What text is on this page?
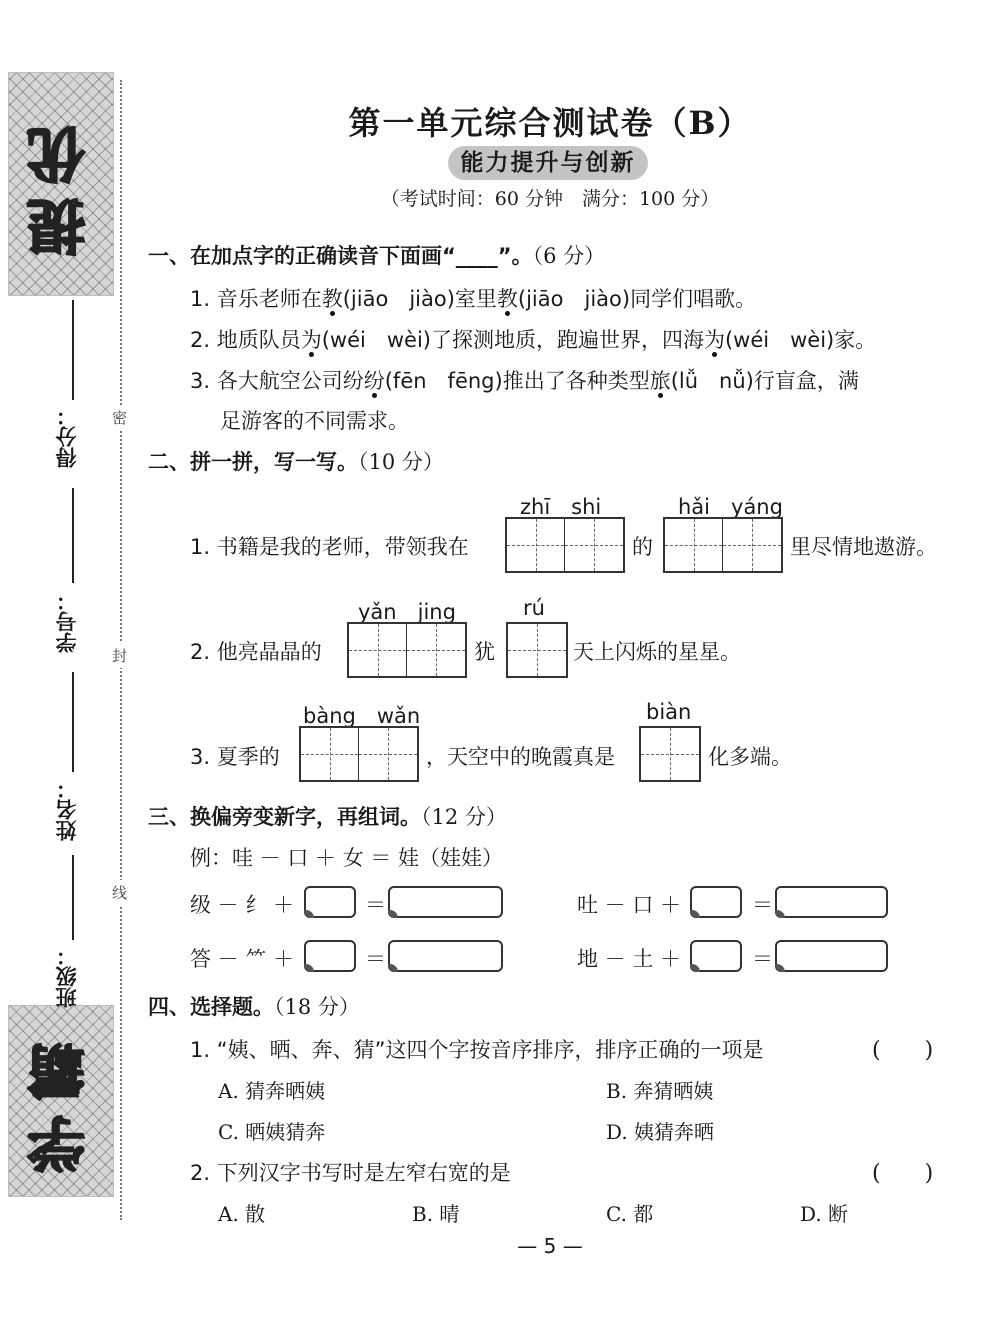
提优
学霸
得分：
学号：
姓名：
班级：
密
封
线
第一单元综合测试卷（B）
能力提升与创新
（考试时间：60 分钟　满分：100 分）
一、在加点字的正确读音下面画“____”。（6 分）
1. 音乐老师在教(jiāo　jiào)室里教(jiāo　jiào)同学们唱歌。
2. 地质队员为(wéi　wèi)了探测地质，跑遍世界，四海为(wéi　wèi)家。
3. 各大航空公司纷纷(fēn　fēng)推出了各种类型旅(lǚ　nǚ)行盲盒，满
足游客的不同需求。
二、拼一拼，写一写。（10 分）
zhī　shi	hǎi　yáng
1. 书籍是我的老师，带领我在	的	里尽情地遨游。
yǎn　jing	rú
2. 他亮晶晶的	犹	天上闪烁的星星。
bàng　wǎn	biàn
3. 夏季的	，天空中的晚霞真是	化多端。
三、换偏旁变新字，再组词。（12 分）
例：哇 － 口 ＋ 女 ＝ 娃（娃娃）
级 － 纟 ＋	＝	吐 － 口 ＋	＝
答 － ⺮ ＋	＝	地 － 土 ＋	＝
四、选择题。（18 分）
1. “姨、晒、奔、猜”这四个字按音序排序，排序正确的一项是	(　　)
A. 猜奔晒姨	B. 奔猜晒姨
C. 晒姨猜奔	D. 姨猜奔晒
2. 下列汉字书写时是左窄右宽的是	(　　)
A. 散	B. 晴	C. 都	D. 断
— 5 —
